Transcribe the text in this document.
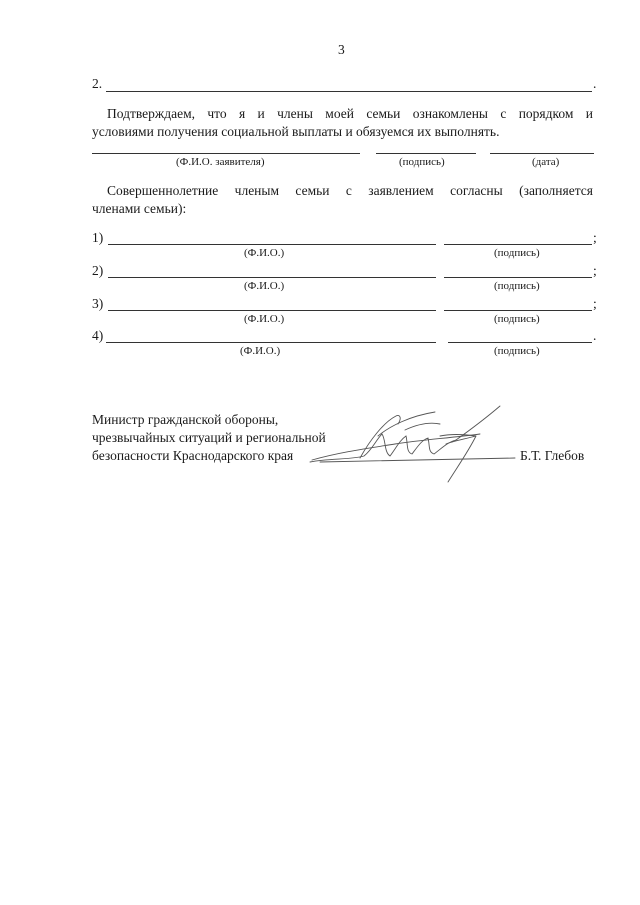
3
2.	.
Подтверждаем, что я и члены моей семьи ознакомлены с порядком и
условиями получения социальной выплаты и обязуемся их выполнять.
(Ф.И.О. заявителя)	(подпись)	(дата)
Совершеннолетние членым семьи с заявлением согласны (заполняется
членами семьи):
1)	;
(Ф.И.О.)	(подпись)
2)	;
(Ф.И.О.)	(подпись)
3)	;
(Ф.И.О.)	(подпись)
4)	.
(Ф.И.О.)	(подпись)
Министр гражданской обороны,
чрезвычайных ситуаций и региональной
безопасности Краснодарского края	Б.Т. Глебов
